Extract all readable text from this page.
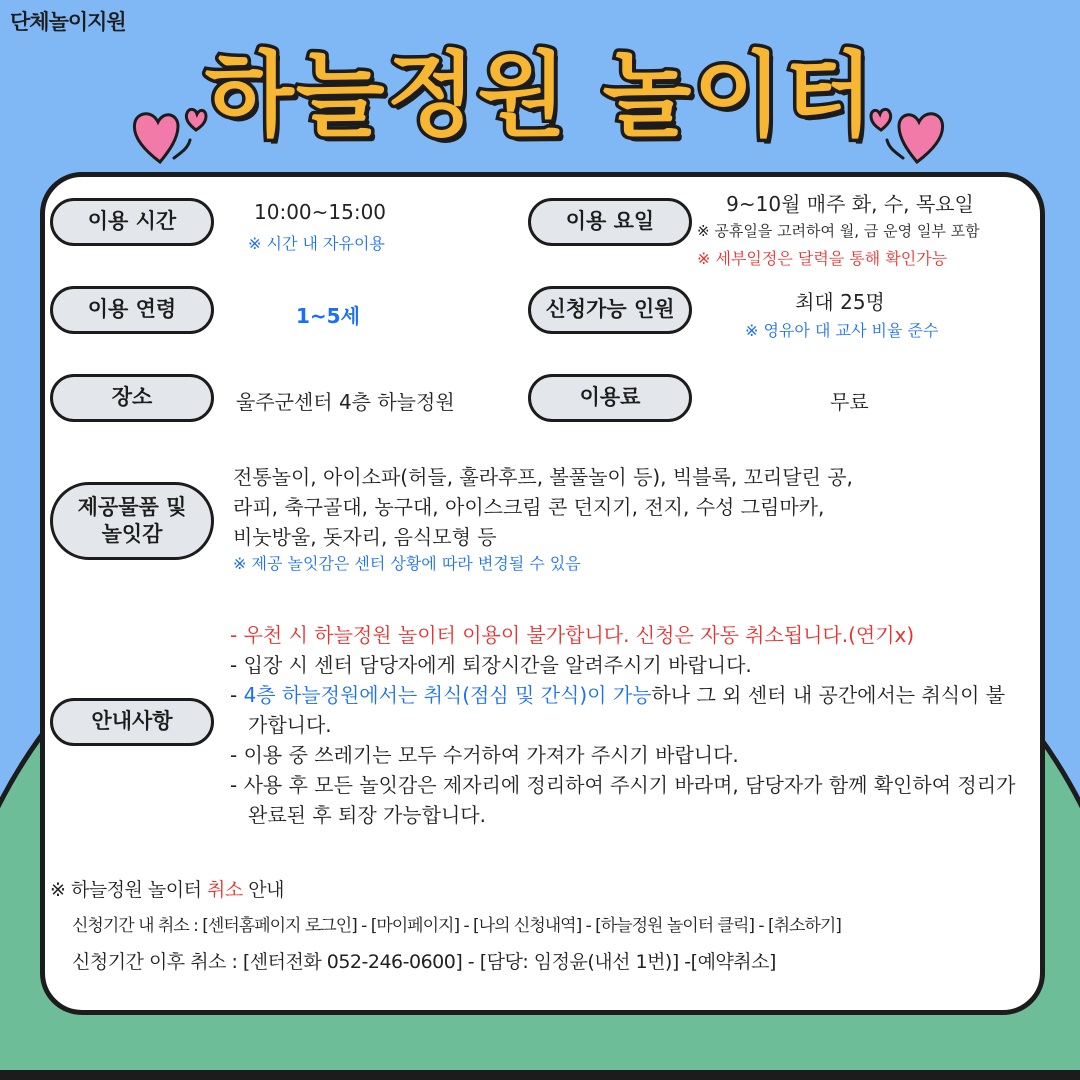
단체놀이지원
하늘정원 놀이터
이용 시간	10:00~15:00
※ 시간 내 자유이용
이용 요일
9~10월 매주 화, 수, 목요일
※ 공휴일을 고려하여 월, 금 운영 일부 포함
※ 세부일정은 달력을 통해 확인가능
이용 연령	1~5세	신청가능 인원	최대 25명
※ 영유아 대 교사 비율 준수
장소	울주군센터 4층 하늘정원	이용료	무료
제공물품 및
놀잇감
전통놀이, 아이소파(허들, 훌라후프, 볼풀놀이 등), 빅블록, 꼬리달린 공,
라피, 축구골대, 농구대, 아이스크림 콘 던지기, 전지, 수성 그림마카,
비눗방울, 돗자리, 음식모형 등
※ 제공 놀잇감은 센터 상황에 따라 변경될 수 있음
안내사항
- 우천 시 하늘정원 놀이터 이용이 불가합니다. 신청은 자동 취소됩니다.(연기x)
- 입장 시 센터 담당자에게 퇴장시간을 알려주시기 바랍니다.
- 4층 하늘정원에서는 취식(점심 및 간식)이 가능하나 그 외 센터 내 공간에서는 취식이 불가합니다.
- 이용 중 쓰레기는 모두 수거하여 가져가 주시기 바랍니다.
- 사용 후 모든 놀잇감은 제자리에 정리하여 주시기 바라며, 담당자가 함께 확인하여 정리가 완료된 후 퇴장 가능합니다.
※ 하늘정원 놀이터 취소 안내
신청기간 내 취소 : [센터홈페이지 로그인] - [마이페이지] - [나의 신청내역] - [하늘정원 놀이터 클릭] - [취소하기]
신청기간 이후 취소 : [센터전화 052-246-0600] - [담당: 임정윤(내선 1번)] -[예약취소]
